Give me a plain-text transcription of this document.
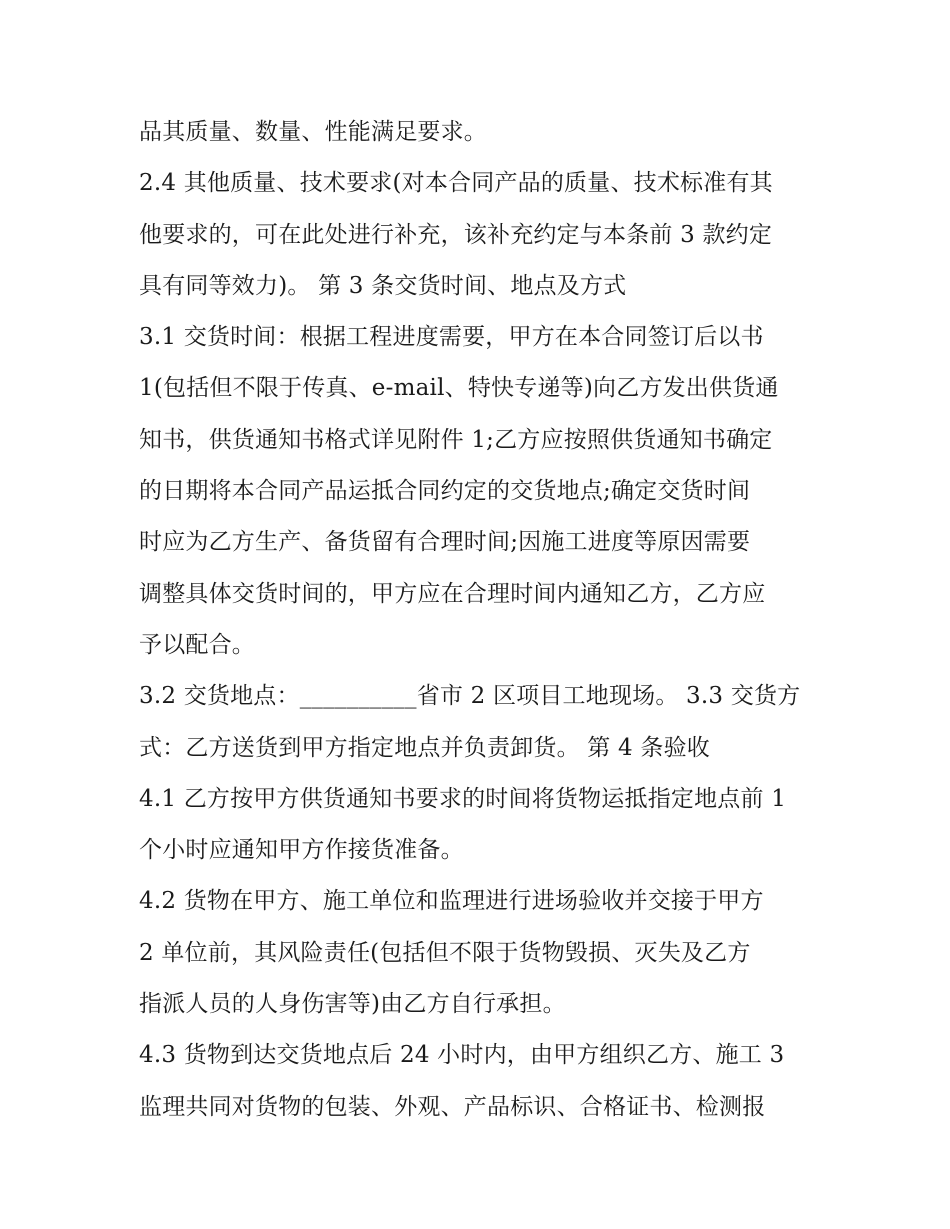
品其质量、数量、性能满足要求。
2.4 其他质量、技术要求(对本合同产品的质量、技术标准有其
他要求的，可在此处进行补充，该补充约定与本条前 3 款约定
具有同等效力)。 第 3 条交货时间、地点及方式
3.1 交货时间：根据工程进度需要，甲方在本合同签订后以书
1(包括但不限于传真、e-mail、特快专递等)向乙方发出供货通
知书，供货通知书格式详见附件 1;乙方应按照供货通知书确定
的日期将本合同产品运抵合同约定的交货地点;确定交货时间
时应为乙方生产、备货留有合理时间;因施工进度等原因需要
调整具体交货时间的，甲方应在合理时间内通知乙方，乙方应
予以配合。
3.2 交货地点：__________省市 2 区项目工地现场。 3.3 交货方
式：乙方送货到甲方指定地点并负责卸货。 第 4 条验收
4.1 乙方按甲方供货通知书要求的时间将货物运抵指定地点前 1
个小时应通知甲方作接货准备。
4.2 货物在甲方、施工单位和监理进行进场验收并交接于甲方
2 单位前，其风险责任(包括但不限于货物毁损、灭失及乙方
指派人员的人身伤害等)由乙方自行承担。
4.3 货物到达交货地点后 24 小时内，由甲方组织乙方、施工 3
监理共同对货物的包装、外观、产品标识、合格证书、检测报
